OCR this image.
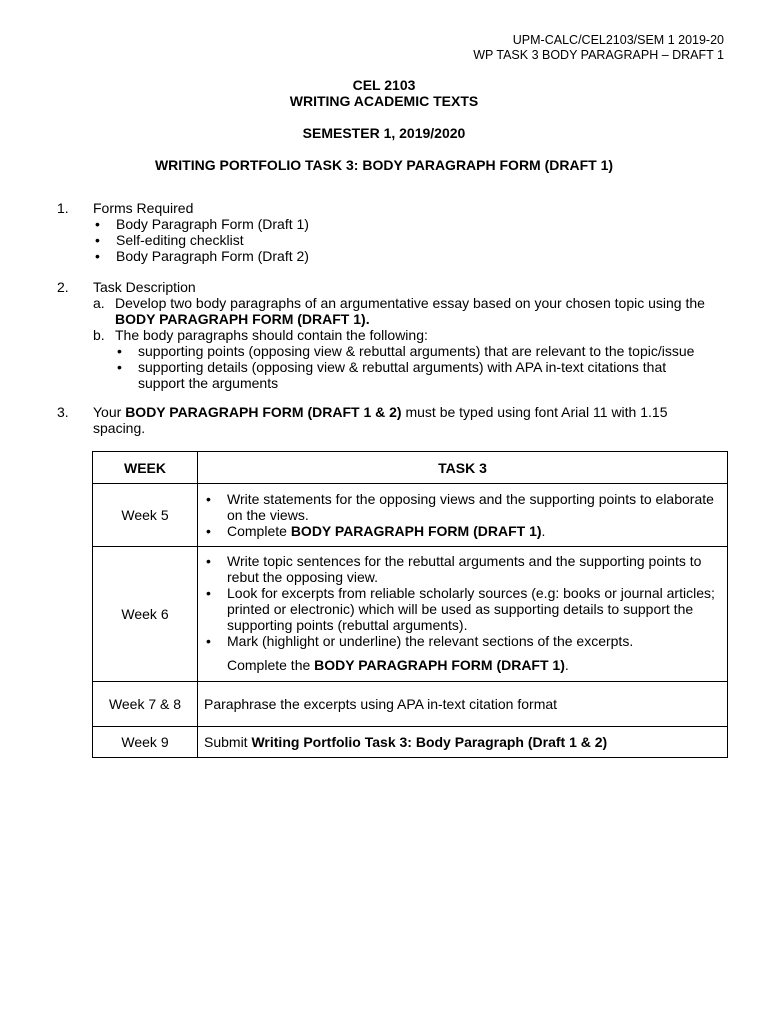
UPM-CALC/CEL2103/SEM 1 2019-20
WP TASK 3 BODY PARAGRAPH – DRAFT 1
CEL 2103
WRITING ACADEMIC TEXTS
SEMESTER 1, 2019/2020
WRITING PORTFOLIO TASK 3: BODY PARAGRAPH FORM (DRAFT 1)
1. Forms Required
• Body Paragraph Form (Draft 1)
• Self-editing checklist
• Body Paragraph Form (Draft 2)
2. Task Description
a. Develop two body paragraphs of an argumentative essay based on your chosen topic using the
BODY PARAGRAPH FORM (DRAFT 1).
b. The body paragraphs should contain the following:
• supporting points (opposing view & rebuttal arguments) that are relevant to the topic/issue
• supporting details (opposing view & rebuttal arguments) with APA in-text citations that support the arguments
3. Your BODY PARAGRAPH FORM (DRAFT 1 & 2) must be typed using font Arial 11 with 1.15 spacing.
WEEK	TASK 3
Week 5	• Write statements for the opposing views and the supporting points to elaborate on the views.
• Complete BODY PARAGRAPH FORM (DRAFT 1).

Week 6	• Write topic sentences for the rebuttal arguments and the supporting points to rebut the opposing view.
• Look for excerpts from reliable scholarly sources (e.g: books or journal articles; printed or electronic) which will be used as supporting details to support the supporting points (rebuttal arguments).
• Mark (highlight or underline) the relevant sections of the excerpts.
Complete the BODY PARAGRAPH FORM (DRAFT 1).

Week 7 & 8	Paraphrase the excerpts using APA in-text citation format
Week 9	Submit Writing Portfolio Task 3: Body Paragraph (Draft 1 & 2)
